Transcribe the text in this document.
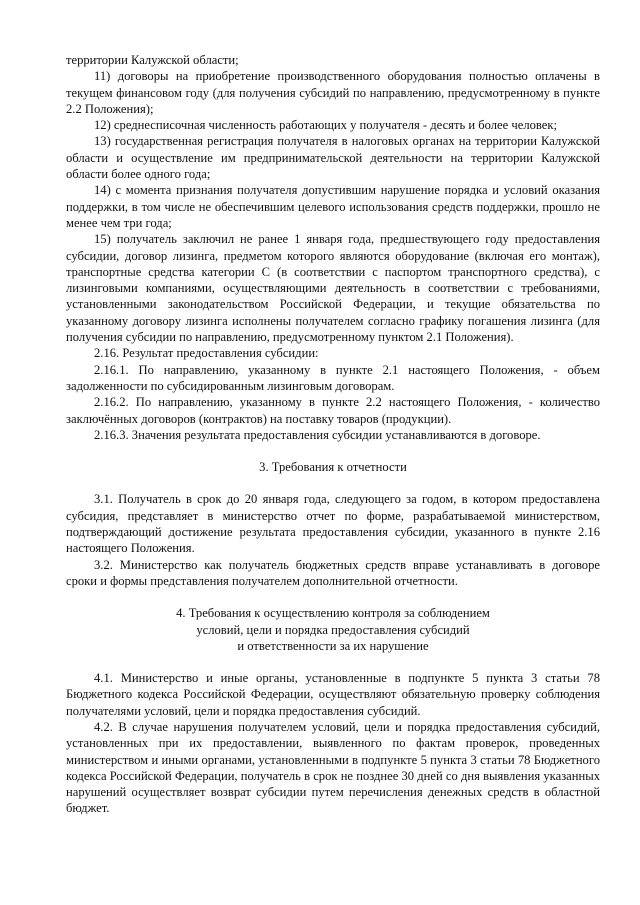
территории Калужской области;

11) договоры на приобретение производственного оборудования полностью оплачены в текущем финансовом году (для получения субсидий по направлению, предусмотренному в пункте 2.2 Положения);

12) среднесписочная численность работающих у получателя - десять и более человек;

13) государственная регистрация получателя в налоговых органах на территории Калужской области и осуществление им предпринимательской деятельности на территории Калужской области более одного года;

14) с момента признания получателя допустившим нарушение порядка и условий оказания поддержки, в том числе не обеспечившим целевого использования средств поддержки, прошло не менее чем три года;

15) получатель заключил не ранее 1 января года, предшествующего году предоставления субсидии, договор лизинга, предметом которого являются оборудование (включая его монтаж), транспортные средства категории С (в соответствии с паспортом транспортного средства), с лизинговыми компаниями, осуществляющими деятельность в соответствии с требованиями, установленными законодательством Российской Федерации, и текущие обязательства по указанному договору лизинга исполнены получателем согласно графику погашения лизинга (для получения субсидии по направлению, предусмотренному пунктом 2.1 Положения).

2.16. Результат предоставления субсидии:

2.16.1. По направлению, указанному в пункте 2.1 настоящего Положения, - объем задолженности по субсидированным лизинговым договорам.

2.16.2. По направлению, указанному в пункте 2.2 настоящего Положения, - количество заключённых договоров (контрактов) на поставку товаров (продукции).

2.16.3. Значения результата предоставления субсидии устанавливаются в договоре.

3. Требования к отчетности

3.1. Получатель в срок до 20 января года, следующего за годом, в котором предоставлена субсидия, представляет в министерство отчет по форме, разрабатываемой министерством, подтверждающий достижение результата предоставления субсидии, указанного в пункте 2.16 настоящего Положения.

3.2. Министерство как получатель бюджетных средств вправе устанавливать в договоре сроки и формы представления получателем дополнительной отчетности.

4. Требования к осуществлению контроля за соблюдением

условий, цели и порядка предоставления субсидий

и ответственности за их нарушение

4.1. Министерство и иные органы, установленные в подпункте 5 пункта 3 статьи 78 Бюджетного кодекса Российской Федерации, осуществляют обязательную проверку соблюдения получателями условий, цели и порядка предоставления субсидий.

4.2. В случае нарушения получателем условий, цели и порядка предоставления субсидий, установленных при их предоставлении, выявленного по фактам проверок, проведенных министерством и иными органами, установленными в подпункте 5 пункта 3 статьи 78 Бюджетного кодекса Российской Федерации, получатель в срок не позднее 30 дней со дня выявления указанных нарушений осуществляет возврат субсидии путем перечисления денежных средств в областной бюджет.
